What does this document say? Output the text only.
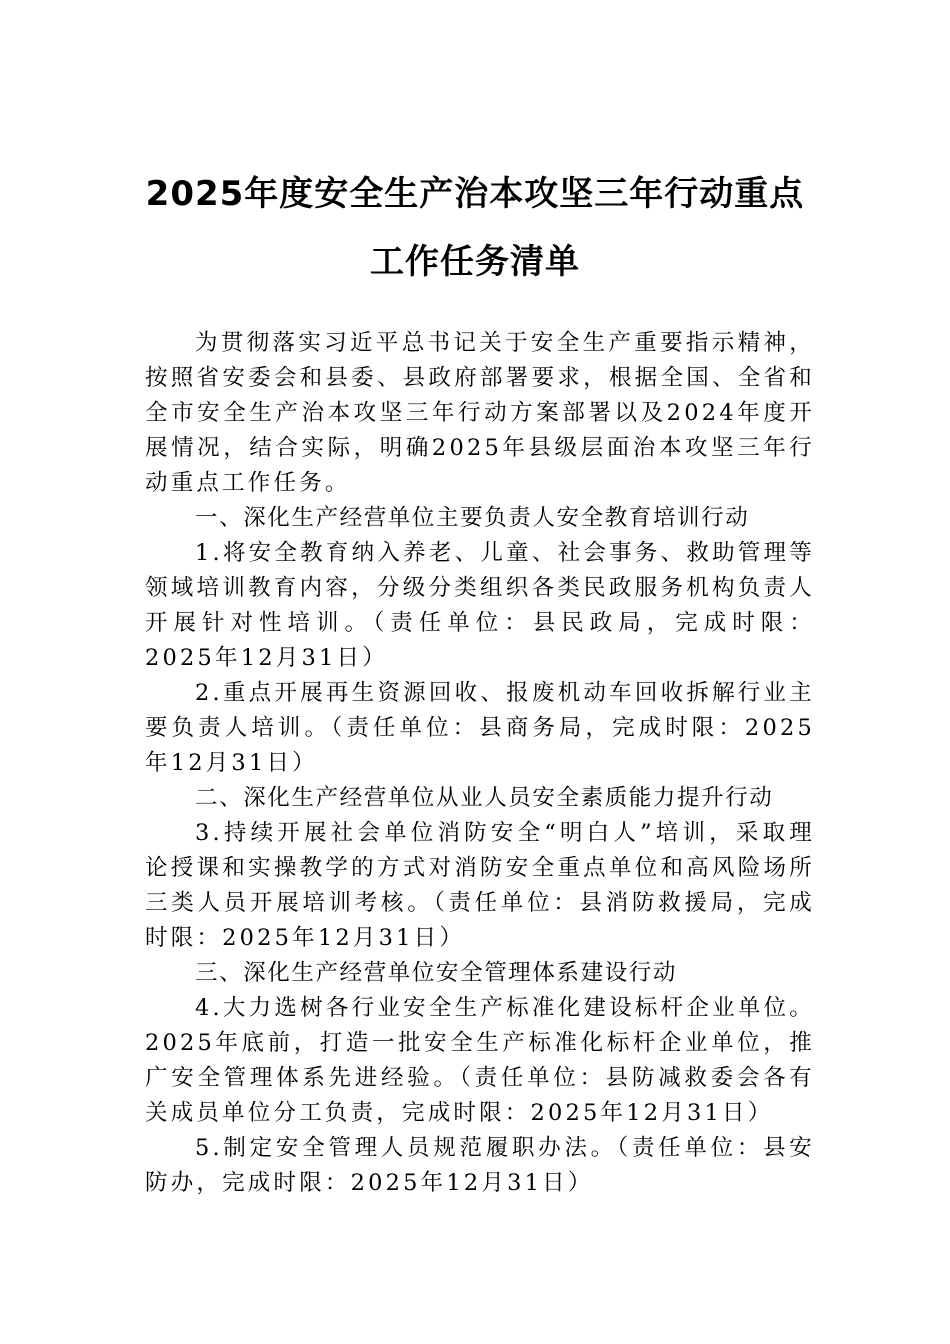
2025年度安全生产治本攻坚三年行动重点
工作任务清单

为贯彻落实习近平总书记关于安全生产重要指示精神，按照省安委会和县委、县政府部署要求，根据全国、全省和全市安全生产治本攻坚三年行动方案部署以及2024年度开展情况，结合实际，明确2025年县级层面治本攻坚三年行动重点工作任务。

一、深化生产经营单位主要负责人安全教育培训行动

1.将安全教育纳入养老、儿童、社会事务、救助管理等领域培训教育内容，分级分类组织各类民政服务机构负责人开展针对性培训。（责任单位：县民政局，完成时限：2025年12月31日）

2.重点开展再生资源回收、报废机动车回收拆解行业主要负责人培训。（责任单位：县商务局，完成时限：2025年12月31日）

二、深化生产经营单位从业人员安全素质能力提升行动

3.持续开展社会单位消防安全“明白人”培训，采取理论授课和实操教学的方式对消防安全重点单位和高风险场所三类人员开展培训考核。（责任单位：县消防救援局，完成时限：2025年12月31日）

三、深化生产经营单位安全管理体系建设行动

4.大力选树各行业安全生产标准化建设标杆企业单位。2025年底前，打造一批安全生产标准化标杆企业单位，推广安全管理体系先进经验。（责任单位：县防减救委会各有关成员单位分工负责，完成时限：2025年12月31日）

5.制定安全管理人员规范履职办法。（责任单位：县安防办，完成时限：2025年12月31日）
